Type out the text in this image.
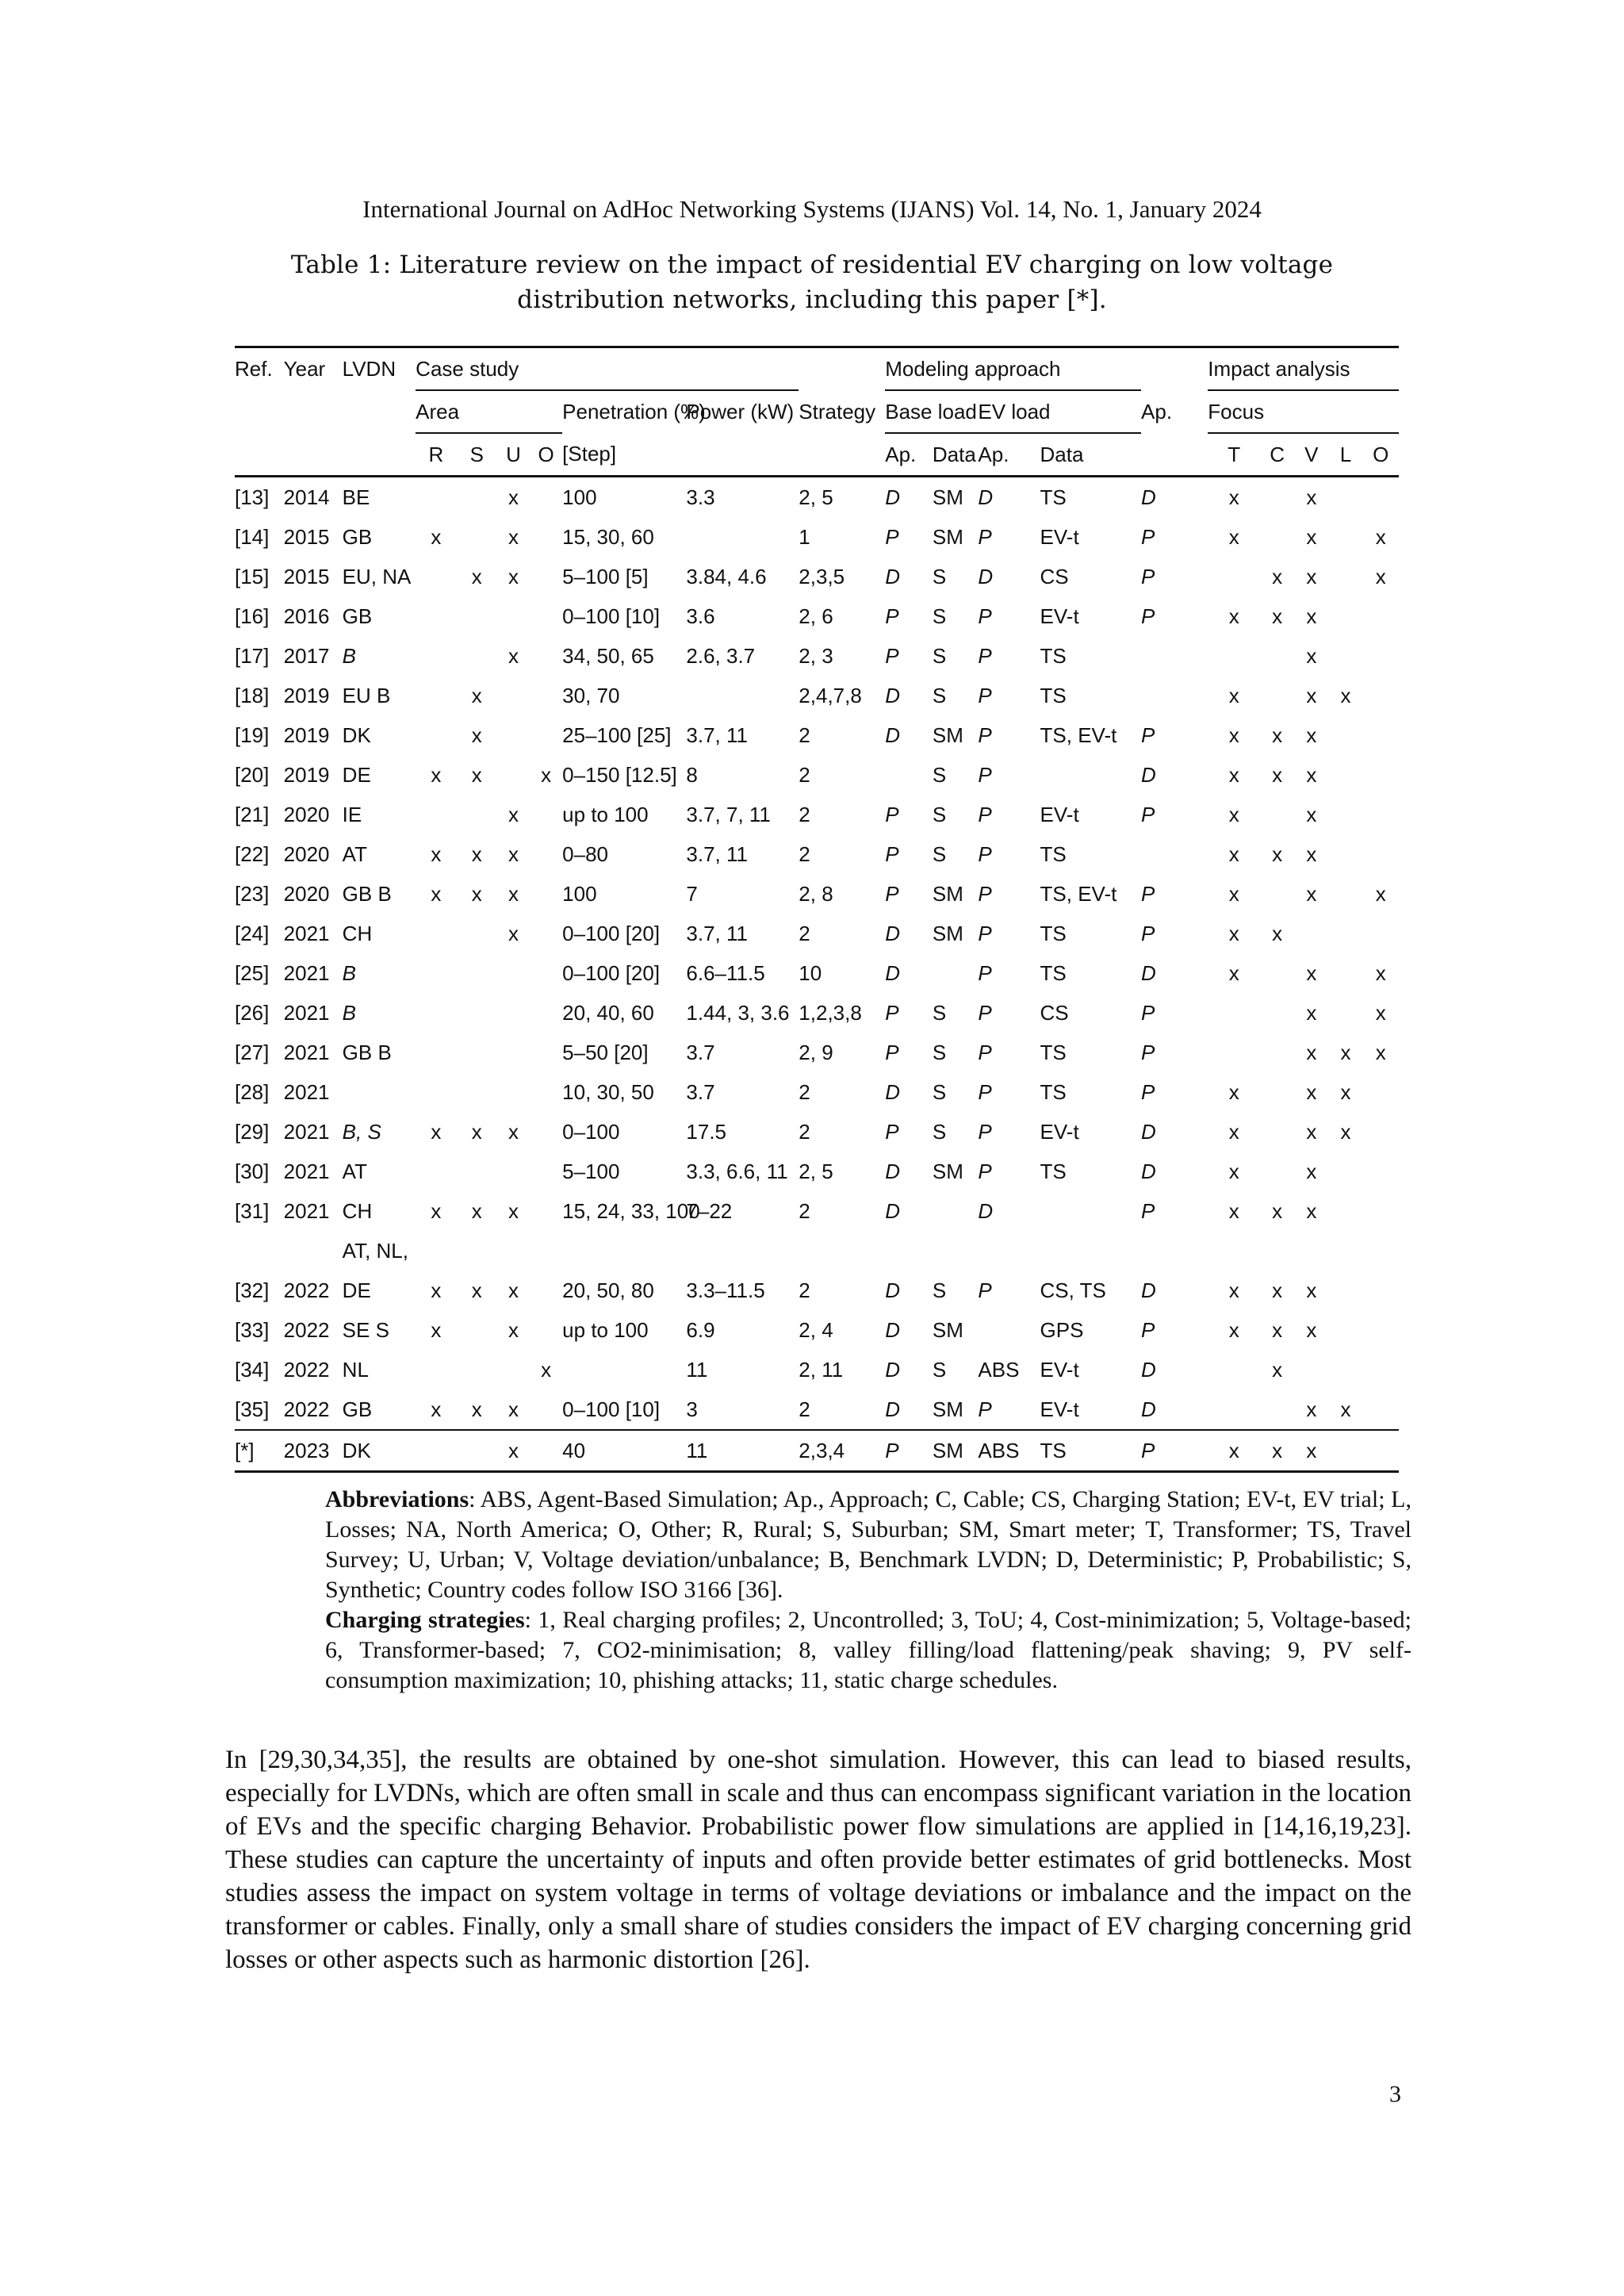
International Journal on AdHoc Networking Systems (IJANS) Vol. 14, No. 1, January 2024
Table 1: Literature review on the impact of residential EV charging on low voltage distribution networks, including this paper [*].
Ref.	Year	LVDN	Case study							Modeling approach					Impact analysis				
			Area				Penetration (%)	Power (kW)	Strategy	Base load		EV load		Ap.	Focus				
			R	S	U	O	[Step]			Ap.	Data	Ap.	Data		T	C	V	L	O
[13]	2014	BE			x		100	3.3	2, 5	D	SM	D	TS	D	x		x		
[14]	2015	GB	x		x		15, 30, 60		1	P	SM	P	EV-t	P	x		x		x
[15]	2015	EU, NA		x	x		5–100 [5]	3.84, 4.6	2,3,5	D	S	D	CS	P		x	x		x
[16]	2016	GB					0–100 [10]	3.6	2, 6	P	S	P	EV-t	P	x	x	x		
[17]	2017	B			x		34, 50, 65	2.6, 3.7	2, 3	P	S	P	TS				x		
[18]	2019	EU B		x			30, 70		2,4,7,8	D	S	P	TS		x		x	x	
[19]	2019	DK		x			25–100 [25]	3.7, 11	2	D	SM	P	TS, EV-t	P	x	x	x		
[20]	2019	DE	x	x		x	0–150 [12.5]	8	2		S	P		D	x	x	x		
[21]	2020	IE			x		up to 100	3.7, 7, 11	2	P	S	P	EV-t	P	x		x		
[22]	2020	AT	x	x	x		0–80	3.7, 11	2	P	S	P	TS		x	x	x		
[23]	2020	GB B	x	x	x		100	7	2, 8	P	SM	P	TS, EV-t	P	x		x		x
[24]	2021	CH			x		0–100 [20]	3.7, 11	2	D	SM	P	TS	P	x	x			
[25]	2021	B					0–100 [20]	6.6–11.5	10	D		P	TS	D	x		x		x
[26]	2021	B					20, 40, 60	1.44, 3, 3.6	1,2,3,8	P	S	P	CS	P			x		x
[27]	2021	GB B					5–50 [20]	3.7	2, 9	P	S	P	TS	P			x	x	x
[28]	2021						10, 30, 50	3.7	2	D	S	P	TS	P	x		x	x	
[29]	2021	B, S	x	x	x		0–100	17.5	2	P	S	P	EV-t	D	x		x	x	
[30]	2021	AT					5–100	3.3, 6.6, 11	2, 5	D	SM	P	TS	D	x		x		
[31]	2021	CH	x	x	x		15, 24, 33, 100	7–22	2	D		D		P	x	x	x		
		AT, NL,																	
[32]	2022	DE	x	x	x		20, 50, 80	3.3–11.5	2	D	S	P	CS, TS	D	x	x	x		
[33]	2022	SE S	x		x		up to 100	6.9	2, 4	D	SM		GPS	P	x	x	x		
[34]	2022	NL				x		11	2, 11	D	S	ABS	EV-t	D		x			
[35]	2022	GB	x	x	x		0–100 [10]	3	2	D	SM	P	EV-t	D			x	x	
[*]	2023	DK			x		40	11	2,3,4	P	SM	ABS	TS	P	x	x	x		

Abbreviations: ABS, Agent-Based Simulation; Ap., Approach; C, Cable; CS, Charging Station; EV-t, EV trial; L, Losses; NA, North America; O, Other; R, Rural; S, Suburban; SM, Smart meter; T, Transformer; TS, Travel Survey; U, Urban; V, Voltage deviation/unbalance; B, Benchmark LVDN; D, Deterministic; P, Probabilistic; S, Synthetic; Country codes follow ISO 3166 [36].

Charging strategies: 1, Real charging profiles; 2, Uncontrolled; 3, ToU; 4, Cost-minimization; 5, Voltage-based; 6, Transformer-based; 7, CO2-minimisation; 8, valley filling/load flattening/peak shaving; 9, PV self-consumption maximization; 10, phishing attacks; 11, static charge schedules.

In [29,30,34,35], the results are obtained by one-shot simulation. However, this can lead to biased results, especially for LVDNs, which are often small in scale and thus can encompass significant variation in the location of EVs and the specific charging Behavior. Probabilistic power flow simulations are applied in [14,16,19,23]. These studies can capture the uncertainty of inputs and often provide better estimates of grid bottlenecks. Most studies assess the impact on system voltage in terms of voltage deviations or imbalance and the impact on the transformer or cables. Finally, only a small share of studies considers the impact of EV charging concerning grid losses or other aspects such as harmonic distortion [26].
3
